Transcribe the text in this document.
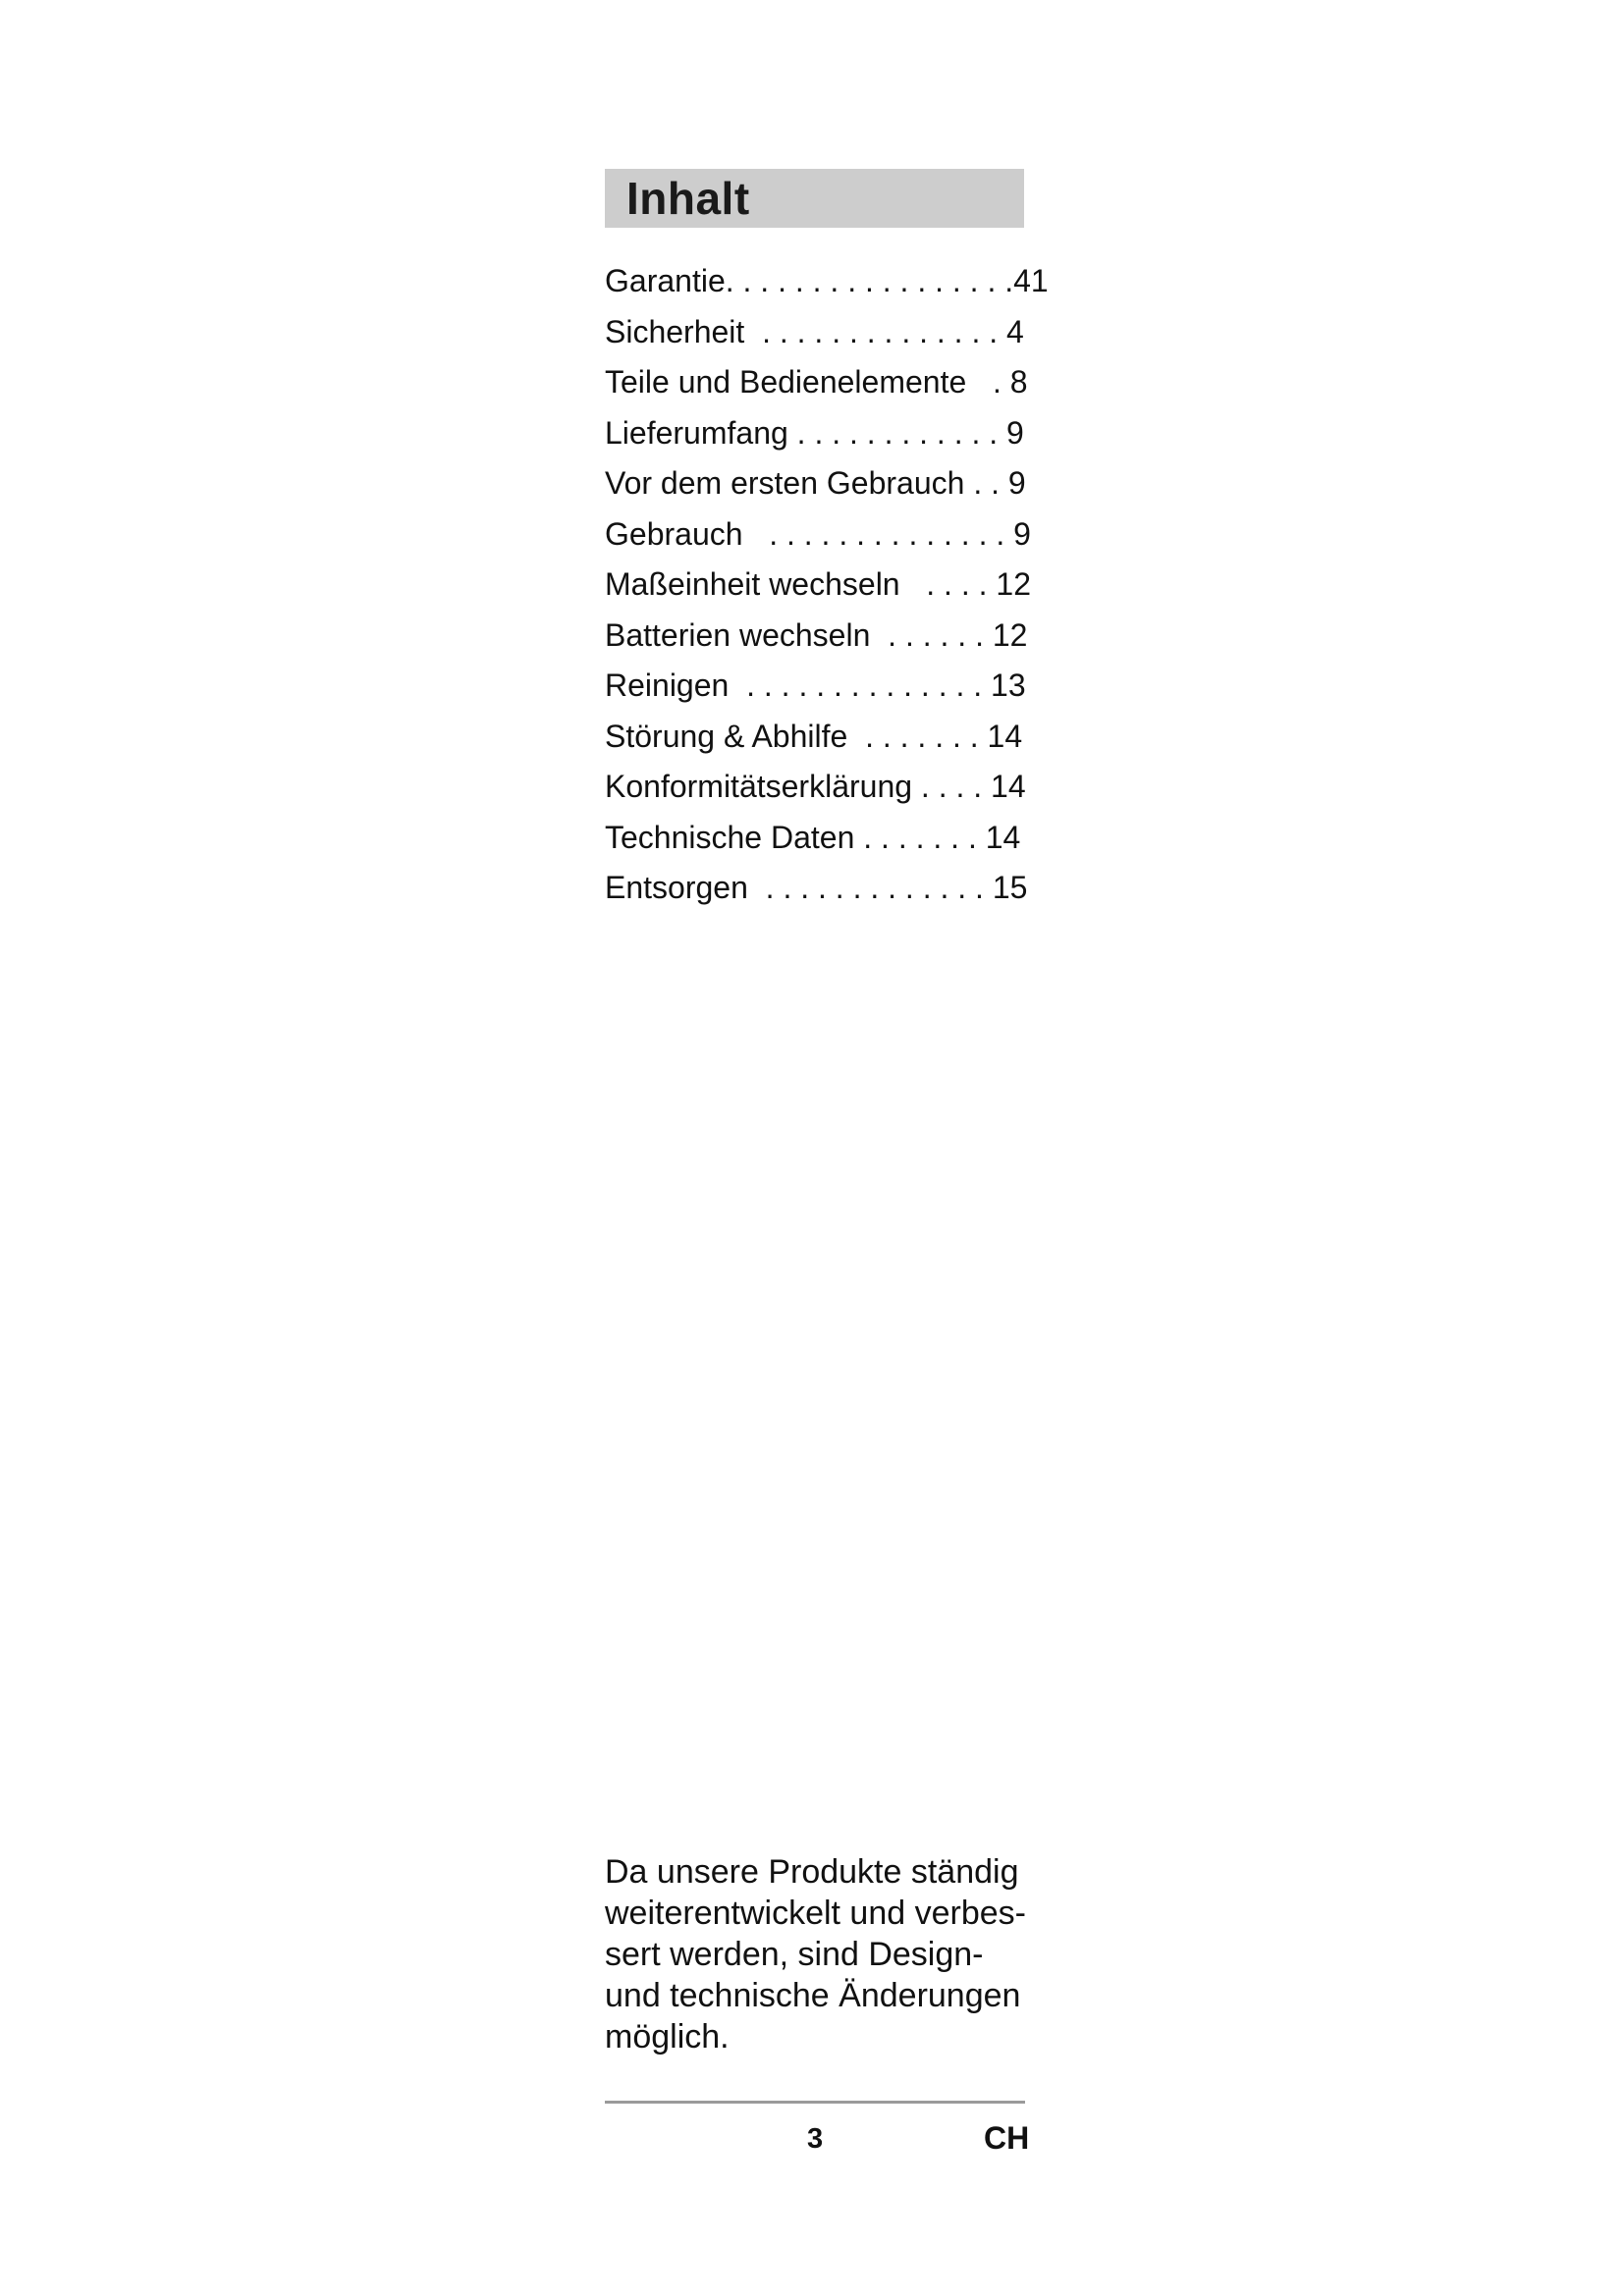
Inhalt
Garantie. . . . . . . . . . . . . . . . .41
Sicherheit  . . . . . . . . . . . . . . 4
Teile und Bedienelemente   . 8
Lieferumfang . . . . . . . . . . . . 9
Vor dem ersten Gebrauch . . 9
Gebrauch   . . . . . . . . . . . . . . 9
Maßeinheit wechseln   . . . . 12
Batterien wechseln  . . . . . . 12
Reinigen  . . . . . . . . . . . . . . 13
Störung & Abhilfe  . . . . . . . 14
Konformitätserklärung . . . . 14
Technische Daten . . . . . . . 14
Entsorgen  . . . . . . . . . . . . . 15
Da unsere Produkte ständig
weiterentwickelt und verbes-
sert werden, sind Design-
und technische Änderungen
möglich.
3	CH
